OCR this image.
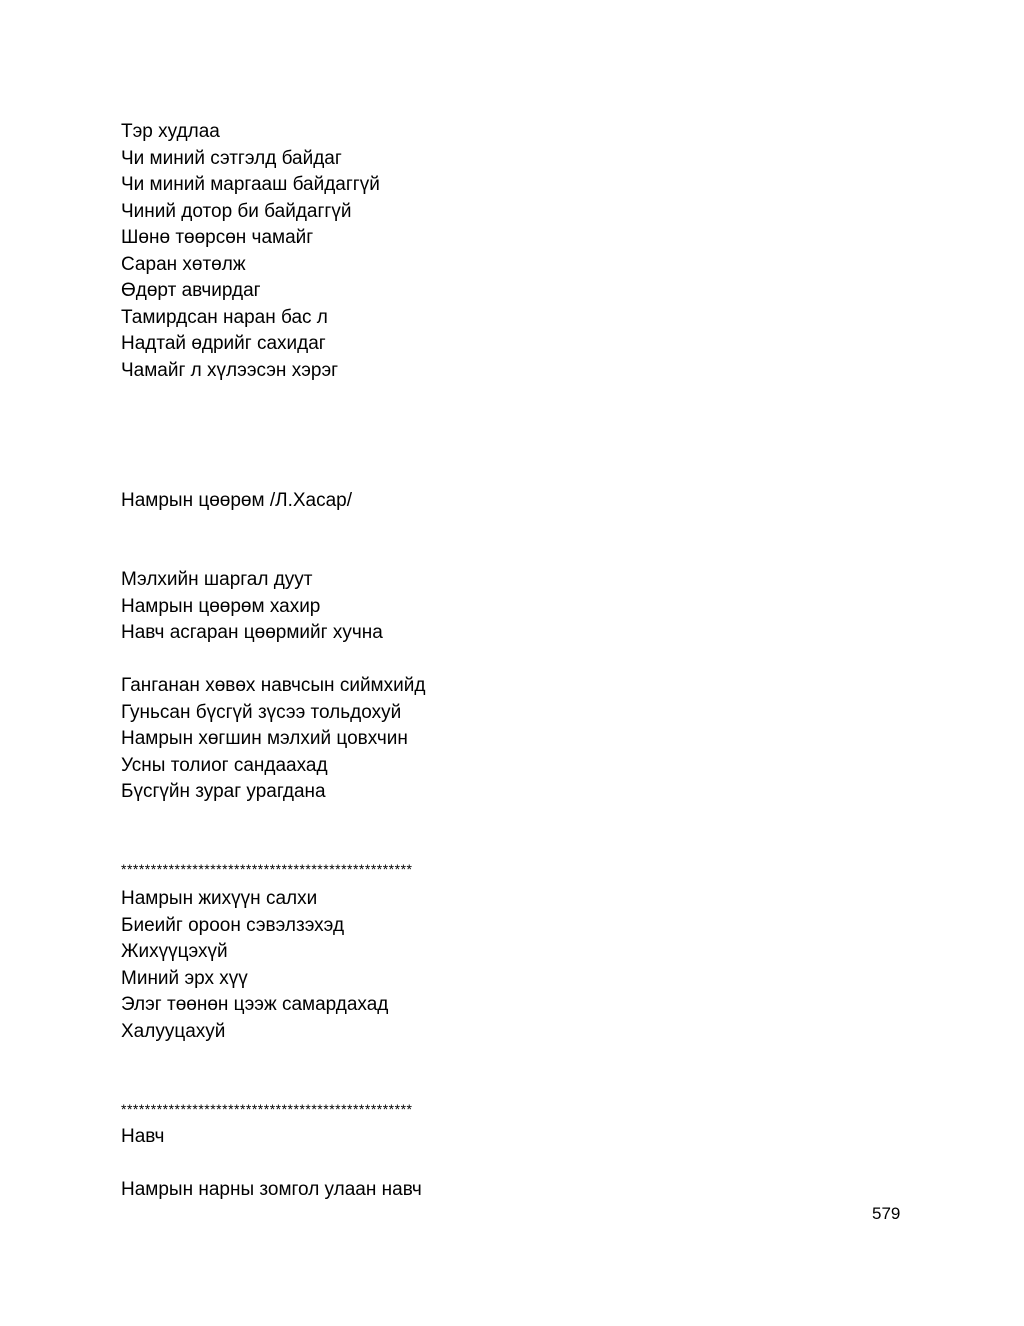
Тэр худлаа
Чи миний сэтгэлд байдаг
Чи миний маргааш байдаггүй
Чиний дотор би байдаггүй
Шөнө төөрсөн чамайг
Саран хөтөлж
Өдөрт авчирдаг
Тамирдсан наран бас л
Надтай өдрийг сахидаг
Чамайг л хүлээсэн хэрэг
Намрын цөөрөм /Л.Хасар/
Мэлхийн шаргал дуут
Намрын цөөрөм хахир
Навч асгаран цөөрмийг хучна
Ганганан хөвөх навчсын сиймхийд
Гуньсан бүсгүй зүсээ тольдохуй
Намрын хөгшин мэлхий цовхчин
Усны толиог сандаахад
Бүсгүйн зураг урагдана
*************************************************
Намрын жихүүн салхи
Биеийг ороон сэвэлзэхэд
Жихүүцэхүй
Миний эрх хүү
Элэг төөнөн цээж самардахад
Халууцахуй
*************************************************
Навч
Намрын нарны зомгол улаан навч
579
